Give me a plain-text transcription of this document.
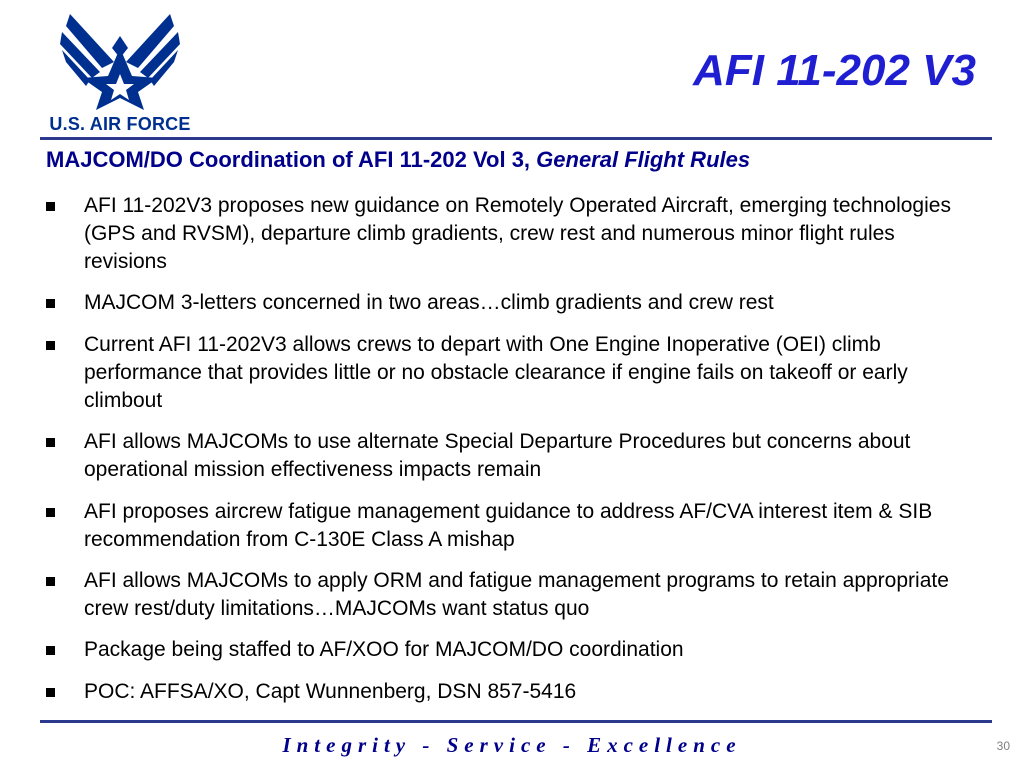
U.S. AIR FORCE
AFI 11-202 V3
MAJCOM/DO Coordination of AFI 11-202 Vol 3, General Flight Rules
AFI 11-202V3 proposes new guidance on Remotely Operated Aircraft, emerging technologies (GPS and RVSM), departure climb gradients, crew rest and numerous minor flight rules revisions
MAJCOM 3-letters concerned in two areas…climb gradients and crew rest
Current AFI 11-202V3 allows crews to depart with One Engine Inoperative (OEI) climb performance that provides little or no obstacle clearance if engine fails on takeoff or early climbout
AFI allows MAJCOMs to use alternate Special Departure Procedures but concerns about operational mission effectiveness impacts remain
AFI proposes aircrew fatigue management guidance to address AF/CVA interest item & SIB recommendation from C-130E Class A mishap
AFI allows MAJCOMs to apply ORM and fatigue management programs to retain appropriate crew rest/duty limitations…MAJCOMs want status quo
Package being staffed to AF/XOO for MAJCOM/DO coordination
POC: AFFSA/XO, Capt Wunnenberg, DSN 857-5416
Integrity - Service - Excellence	30
